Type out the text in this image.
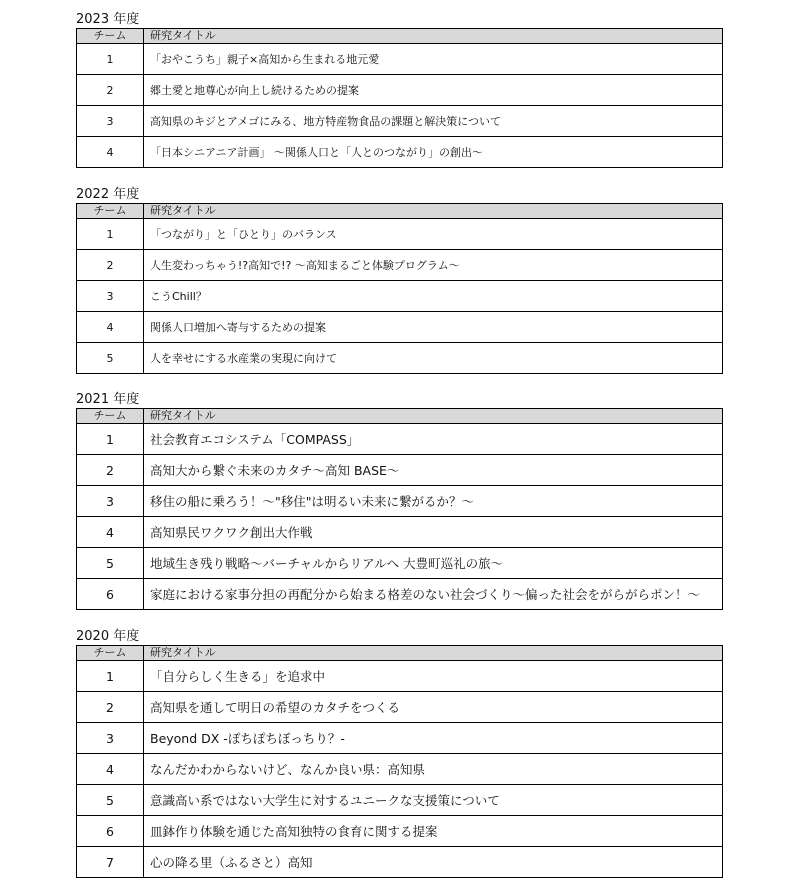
2023 年度
チーム	研究タイトル
1	「おやこうち」親子×高知から生まれる地元愛
2	郷土愛と地尊心が向上し続けるための提案
3	高知県のキジとアメゴにみる、地方特産物食品の課題と解決策について
4	「日本シニアニア計画」 ～関係人口と「人とのつながり」の創出～
2022 年度
チーム	研究タイトル
1	「つながり」と「ひとり」のバランス
2	人生変わっちゃう!?高知で!? ～高知まるごと体験プログラム～
3	こうChill？
4	関係人口増加へ寄与するための提案
5	人を幸せにする水産業の実現に向けて
2021 年度
チーム	研究タイトル
1	社会教育エコシステム「COMPASS」
2	高知大から繋ぐ未来のカタチ～高知 BASE～
3	移住の船に乗ろう！～"移住"は明るい未来に繋がるか？～
4	高知県民ワクワク創出大作戦
5	地域生き残り戦略～バーチャルからリアルへ 大豊町巡礼の旅～
6	家庭における家事分担の再配分から始まる格差のない社会づくり～偏った社会をがらがらポン！～
2020 年度
チーム	研究タイトル
1	「自分らしく生きる」を追求中
2	高知県を通して明日の希望のカタチをつくる
3	Beyond DX -ぽちぽちぼっちり？-
4	なんだかわからないけど、なんか良い県：高知県
5	意識高い系ではない大学生に対するユニークな支援策について
6	皿鉢作り体験を通じた高知独特の食育に関する提案
7	心の降る里（ふるさと）高知
